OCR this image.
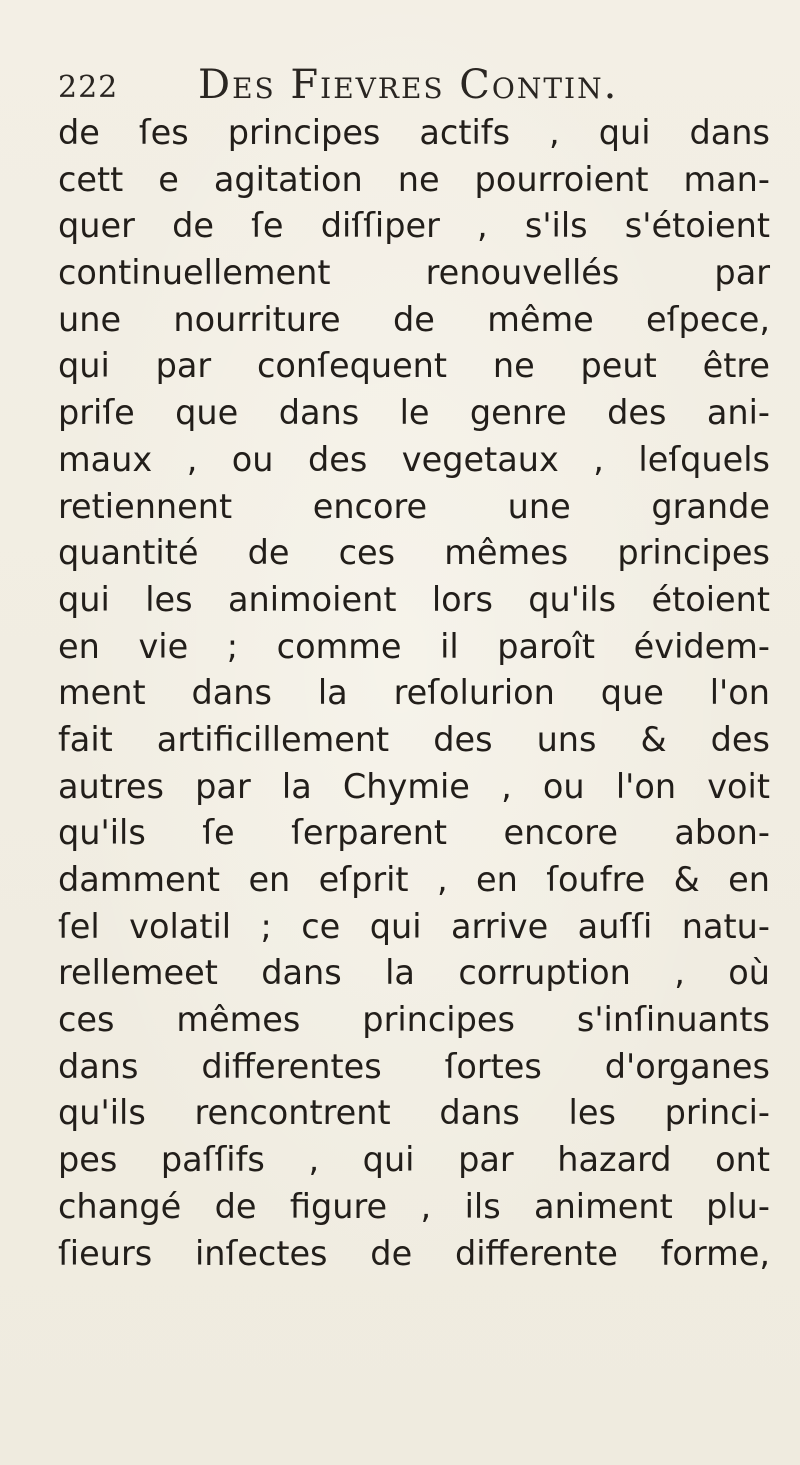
222 Des Fievres Contin.
de ſes principes actifs , qui dans
cett e agitation ne pourroient man-
quer de ſe diſſiper , s'ils s'étoient
continuellement renouvellés par
une nourriture de même eſpece,
qui par conſequent ne peut être
priſe que dans le genre des ani-
maux , ou des vegetaux , leſquels
retiennent encore une grande
quantité de ces mêmes principes
qui les animoient lors qu'ils étoient
en vie ; comme il paroît évidem-
ment dans la reſolurion que l'on
fait artificillement des uns & des
autres par la Chymie , ou l'on voit
qu'ils ſe ſerparent encore abon-
damment en eſprit , en ſoufre & en
ſel volatil ; ce qui arrive auſſi natu-
rellemeet dans la corruption , où
ces mêmes principes s'inſinuants
dans differentes ſortes d'organes
qu'ils rencontrent dans les princi-
pes paſſifs , qui par hazard ont
changé de figure , ils animent plu-
ſieurs inſectes de differente forme,
